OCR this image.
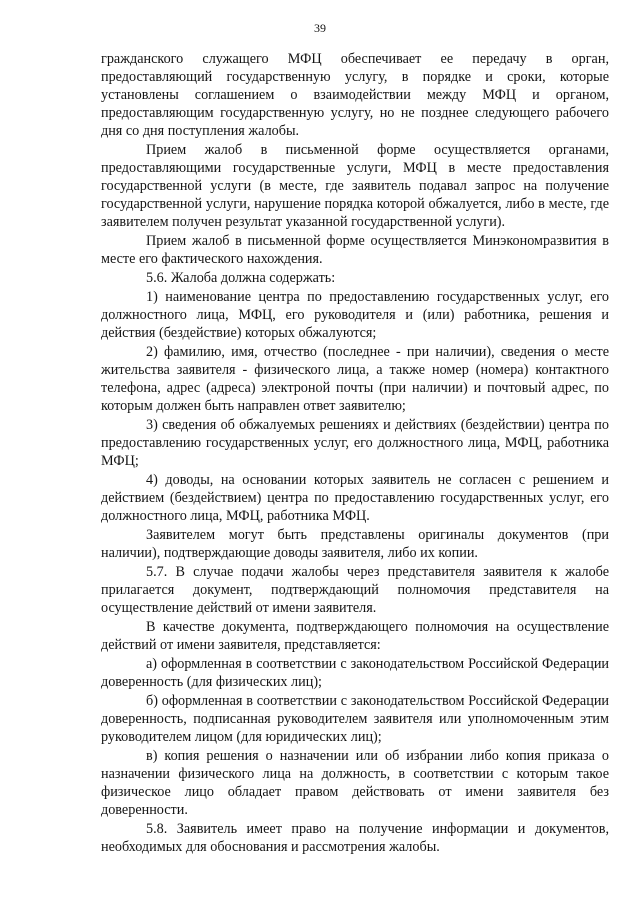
39

гражданского служащего МФЦ обеспечивает ее передачу в орган, предоставляющий государственную услугу, в порядке и сроки, которые установлены соглашением о взаимодействии между МФЦ и органом, предоставляющим государственную услугу, но не позднее следующего рабочего дня со дня поступления жалобы.

Прием жалоб в письменной форме осуществляется органами, предоставляющими государственные услуги, МФЦ в месте предоставления государственной услуги (в месте, где заявитель подавал запрос на получение государственной услуги, нарушение порядка которой обжалуется, либо в месте, где заявителем получен результат указанной государственной услуги).

Прием жалоб в письменной форме осуществляется Минэкономразвития в месте его фактического нахождения.

5.6. Жалоба должна содержать:

1) наименование центра по предоставлению государственных услуг, его должностного лица, МФЦ, его руководителя и (или) работника, решения и действия (бездействие) которых обжалуются;

2) фамилию, имя, отчество (последнее - при наличии), сведения о месте жительства заявителя - физического лица, а также номер (номера) контактного телефона, адрес (адреса) электроной почты (при наличии) и почтовый адрес, по которым должен быть направлен ответ заявителю;

3) сведения об обжалуемых решениях и действиях (бездействии) центра по предоставлению государственных услуг, его должностного лица, МФЦ, работника МФЦ;

4) доводы, на основании которых заявитель не согласен с решением и действием (бездействием) центра по предоставлению государственных услуг, его должностного лица, МФЦ, работника МФЦ.

Заявителем могут быть представлены оригиналы документов (при наличии), подтверждающие доводы заявителя, либо их копии.

5.7. В случае подачи жалобы через представителя заявителя к жалобе прилагается документ, подтверждающий полномочия представителя на осуществление действий от имени заявителя.

В качестве документа, подтверждающего полномочия на осуществление действий от имени заявителя, представляется:

а) оформленная в соответствии с законодательством Российской Федерации доверенность (для физических лиц);

б) оформленная в соответствии с законодательством Российской Федерации доверенность, подписанная руководителем заявителя или уполномоченным этим руководителем лицом (для юридических лиц);

в) копия решения о назначении или об избрании либо копия приказа о назначении физического лица на должность, в соответствии с которым такое физическое лицо обладает правом действовать от имени заявителя без доверенности.

5.8. Заявитель имеет право на получение информации и документов, необходимых для обоснования и рассмотрения жалобы.
